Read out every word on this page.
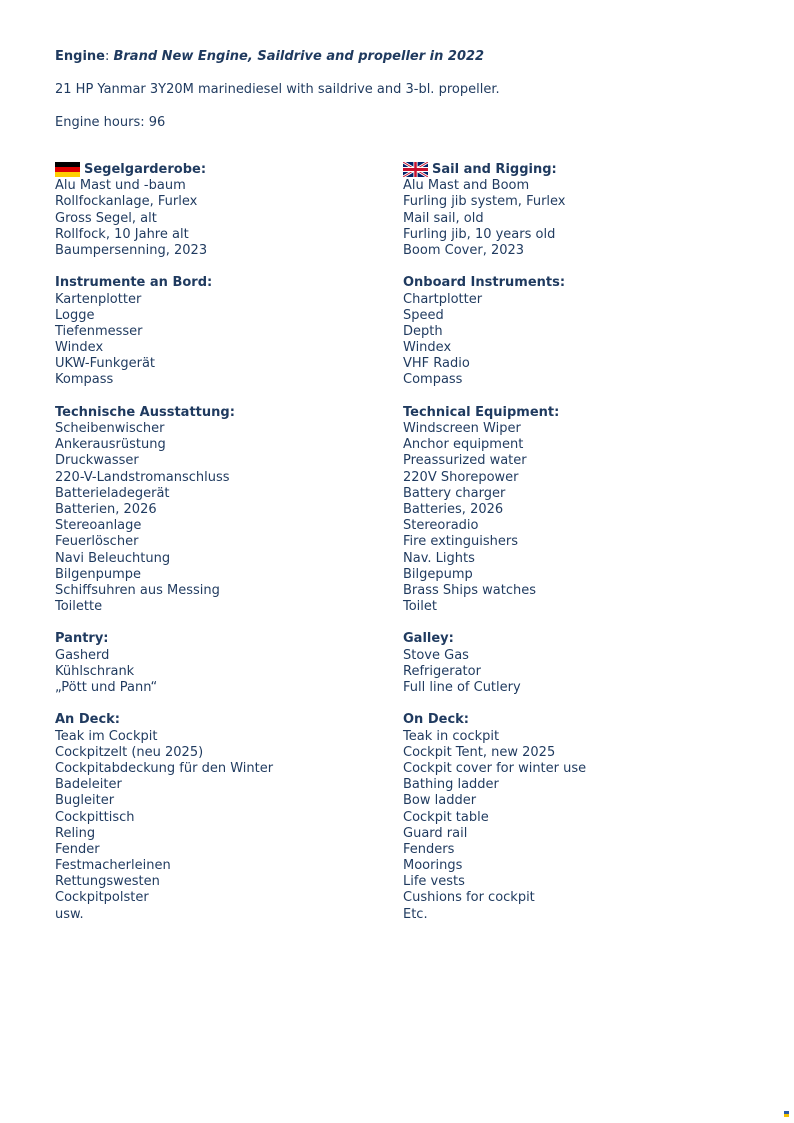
Engine: Brand New Engine, Saildrive and propeller in 2022

21 HP Yanmar 3Y20M marinediesel with saildrive and 3-bl. propeller.

Engine hours: 96

Segelgarderobe:
Alu Mast und -baum
Rollfockanlage, Furlex
Gross Segel, alt
Rollfock, 10 Jahre alt
Baumpersenning, 2023
Instrumente an Bord:
Kartenplotter
Logge
Tiefenmesser
Windex
UKW-Funkgerät
Kompass
Technische Ausstattung:
Scheibenwischer
Ankerausrüstung
Druckwasser
220-V-Landstromanschluss
Batterieladegerät
Batterien, 2026
Stereoanlage
Feuerlöscher
Navi Beleuchtung
Bilgenpumpe
Schiffsuhren aus Messing
Toilette
Pantry:
Gasherd
Kühlschrank
„Pött und Pann“
An Deck:
Teak im Cockpit
Cockpitzelt (neu 2025)
Cockpitabdeckung für den Winter
Badeleiter
Bugleiter
Cockpittisch
Reling
Fender
Festmacherleinen
Rettungswesten
Cockpitpolster
usw.
Sail and Rigging:
Alu Mast and Boom
Furling jib system, Furlex
Mail sail, old
Furling jib, 10 years old
Boom Cover, 2023
Onboard Instruments:
Chartplotter
Speed
Depth
Windex
VHF Radio
Compass
Technical Equipment:
Windscreen Wiper
Anchor equipment
Preassurized water
220V Shorepower
Battery charger
Batteries, 2026
Stereoradio
Fire extinguishers
Nav. Lights
Bilgepump
Brass Ships watches
Toilet
Galley:
Stove Gas
Refrigerator
Full line of Cutlery
On Deck:
Teak in cockpit
Cockpit Tent, new 2025
Cockpit cover for winter use
Bathing ladder
Bow ladder
Cockpit table
Guard rail
Fenders
Moorings
Life vests
Cushions for cockpit
Etc.
